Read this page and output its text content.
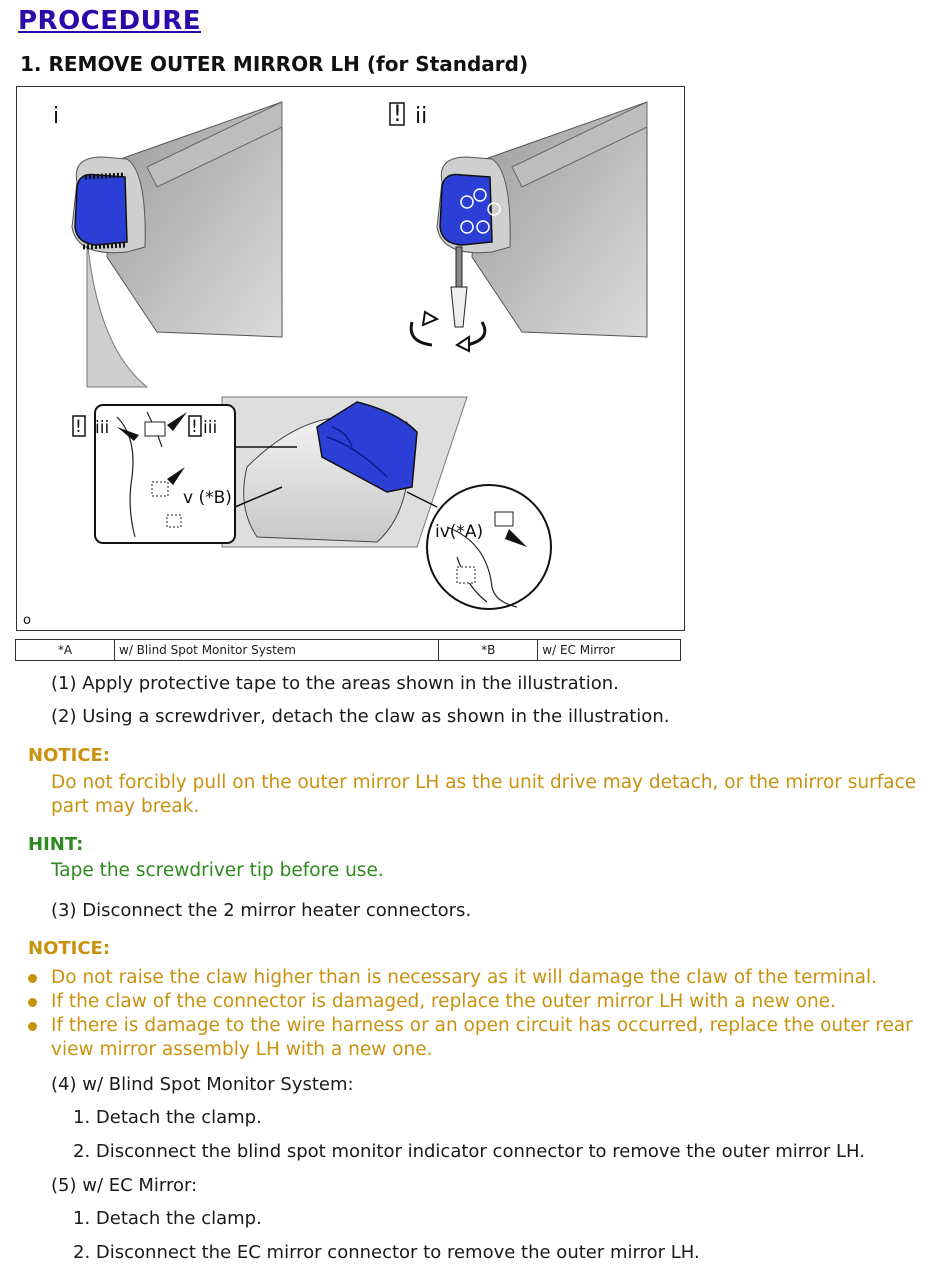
PROCEDURE
1. REMOVE OUTER MIRROR LH (for Standard)
i	! ii
! iii	! iii
v (*B)
iv(*A)
o
*A	w/ Blind Spot Monitor System	*B	w/ EC Mirror
(1) Apply protective tape to the areas shown in the illustration.
(2) Using a screwdriver, detach the claw as shown in the illustration.
NOTICE:
Do not forcibly pull on the outer mirror LH as the unit drive may detach, or the mirror surface part may break.
HINT:
Tape the screwdriver tip before use.
(3) Disconnect the 2 mirror heater connectors.
NOTICE:
Do not raise the claw higher than is necessary as it will damage the claw of the terminal.
If the claw of the connector is damaged, replace the outer mirror LH with a new one.
If there is damage to the wire harness or an open circuit has occurred, replace the outer rear view mirror assembly LH with a new one.
(4) w/ Blind Spot Monitor System:
1. Detach the clamp.
2. Disconnect the blind spot monitor indicator connector to remove the outer mirror LH.
(5) w/ EC Mirror:
1. Detach the clamp.
2. Disconnect the EC mirror connector to remove the outer mirror LH.
